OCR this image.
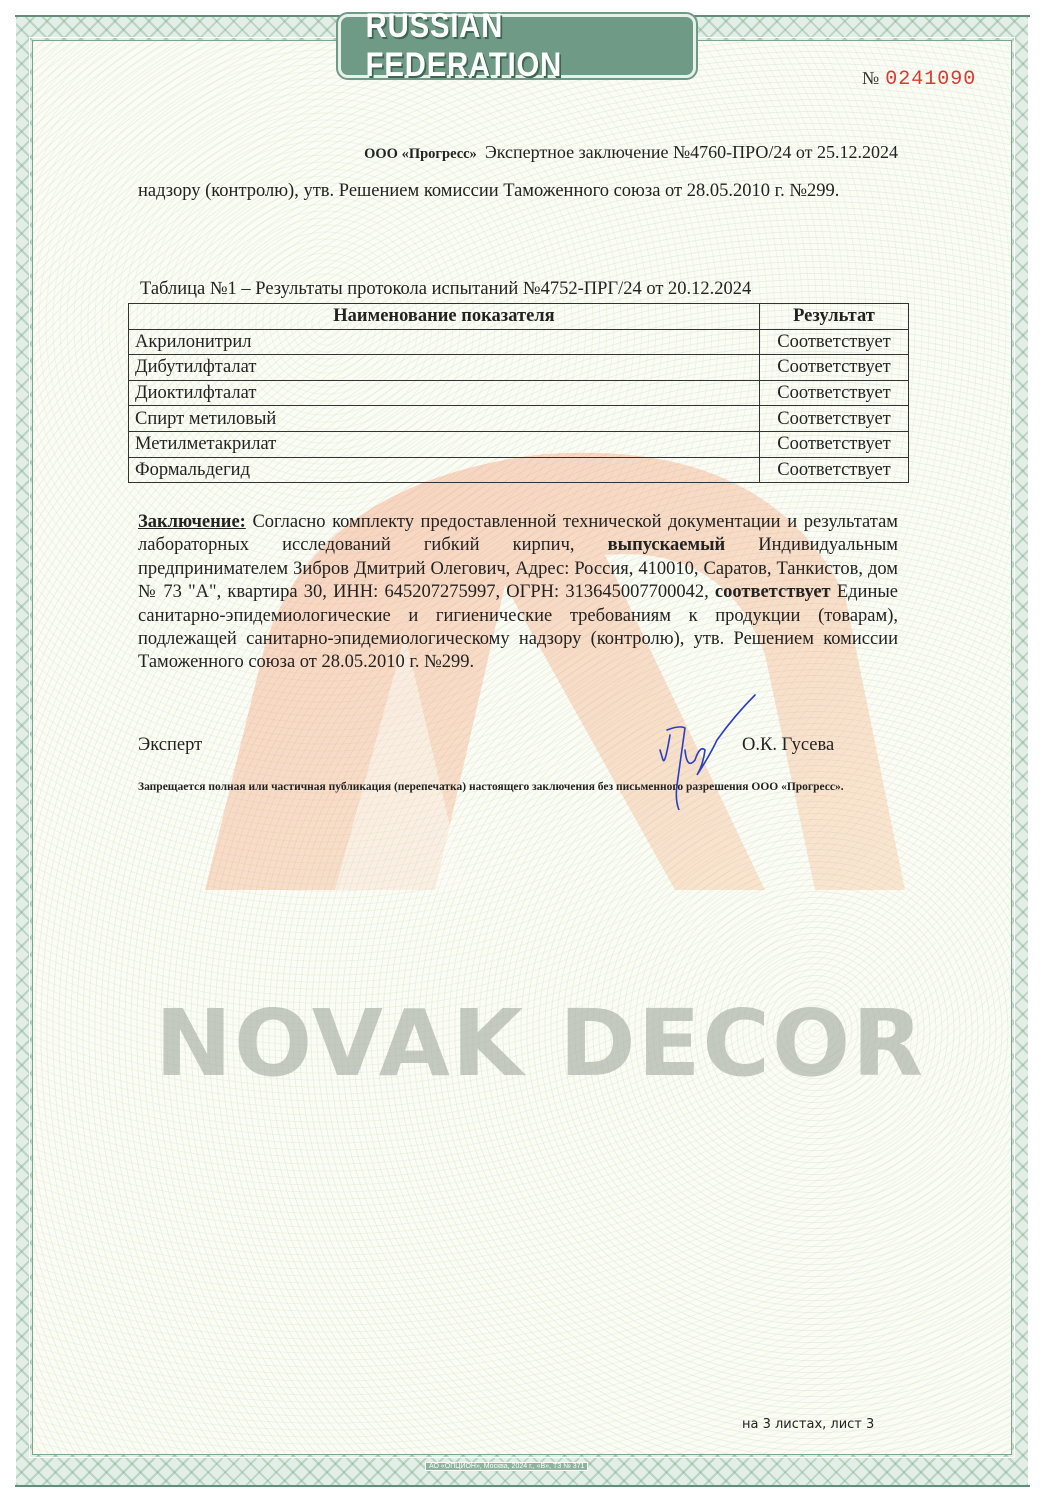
RUSSIAN FEDERATION	№ 0241090
NOVAK DECOR
ООО «Прогресс» Экспертное заключение №4760-ПРО/24 от 25.12.2024
надзору (контролю), утв. Решением комиссии Таможенного союза от 28.05.2010 г. №299.
Таблица №1 – Результаты протокола испытаний №4752-ПРГ/24 от 20.12.2024
Наименование показателя	Результат
Акрилонитрил	Соответствует
Дибутилфталат	Соответствует
Диоктилфталат	Соответствует
Спирт метиловый	Соответствует
Метилметакрилат	Соответствует
Формальдегид	Соответствует
Заключение: Согласно комплекту предоставленной технической документации и результатам лабораторных исследований гибкий кирпич, выпускаемый Индивидуальным предпринимателем Зибров Дмитрий Олегович, Адрес: Россия, 410010, Саратов, Танкистов, дом № 73 "А", квартира 30, ИНН: 645207275997, ОГРН: 313645007700042, соответствует Единые санитарно-эпидемиологические и гигиенические требованиям к продукции (товарам), подлежащей санитарно-эпидемиологическому надзору (контролю), утв. Решением комиссии Таможенного союза от 28.05.2010 г. №299.
Эксперт	О.К. Гусева
Запрещается полная или частичная публикация (перепечатка) настоящего заключения без письменного разрешения ООО «Прогресс».
на 3 листах, лист 3
АО «ОПЦИОН», Москва, 2024 г., «В», ТЗ № 371
